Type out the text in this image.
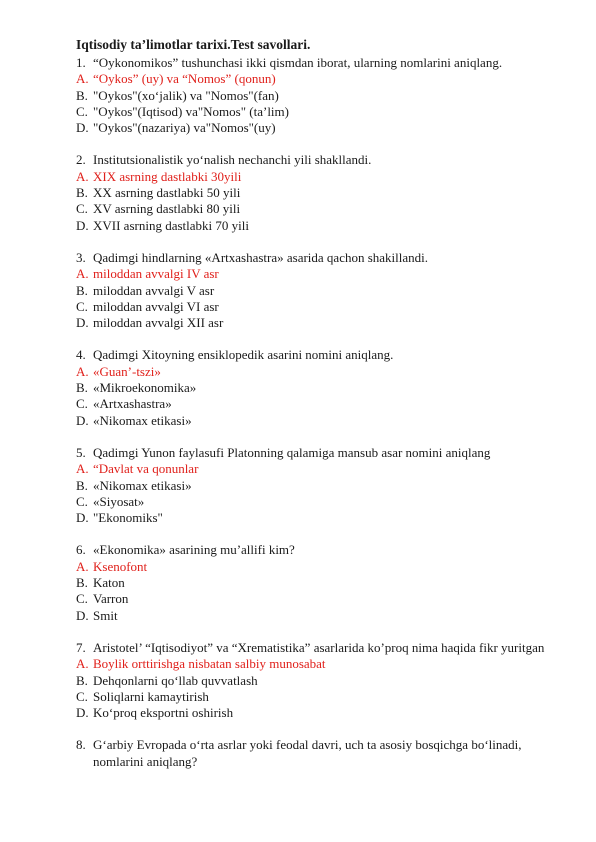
Iqtisodiy ta’limotlar tarixi.Test savollari.
1. “Oykonomikos” tushunchasi ikki qismdan iborat, ularning nomlarini aniqlang.
A. “Oykos” (uy) va “Nomos” (qonun)
B. "Oykos"(xo‘jalik) va "Nomos"(fan)
C. "Oykos"(Iqtisod) va"Nomos" (ta’lim)
D. "Oykos"(nazariya) va"Nomos"(uy)
2. Institutsionalistik yo‘nalish nechanchi yili shakllandi.
A. XIX asrning dastlabki 30yili
B. XX asrning dastlabki 50 yili
C. XV asrning dastlabki 80 yili
D. XVII asrning dastlabki 70 yili
3. Qadimgi hindlarning «Artxashastra» asarida qachon shakillandi.
A. miloddan avvalgi IV asr
B. miloddan avvalgi V asr
C. miloddan avvalgi VI asr
D. miloddan avvalgi XII asr
4. Qadimgi Xitoyning ensiklopedik asarini nomini aniqlang.
A. «Guan’-tszi»
B. «Mikroekonomika»
C. «Artxashastra»
D. «Nikomax etikasi»
5. Qadimgi Yunon faylasufi Platonning qalamiga mansub asar nomini aniqlang
A. “Davlat va qonunlar
B. «Nikomax etikasi»
C. «Siyosat»
D. "Ekonomiks"
6. «Ekonomika» asarining mu’allifi kim?
A. Ksenofont
B. Katon
C. Varron
D. Smit
7. Aristotel’ “Iqtisodiyot” va “Xrematistika” asarlarida ko’proq nima haqida fikr yuritgan
A. Boylik orttirishga nisbatan salbiy munosabat
B. Dehqonlarni qo‘llab quvvatlash
C. Soliqlarni kamaytirish
D. Ko‘proq eksportni oshirish
8. G‘arbiy Evropada o‘rta asrlar yoki feodal davri, uch ta asosiy bosqichga bo‘linadi, nomlarini aniqlang?
